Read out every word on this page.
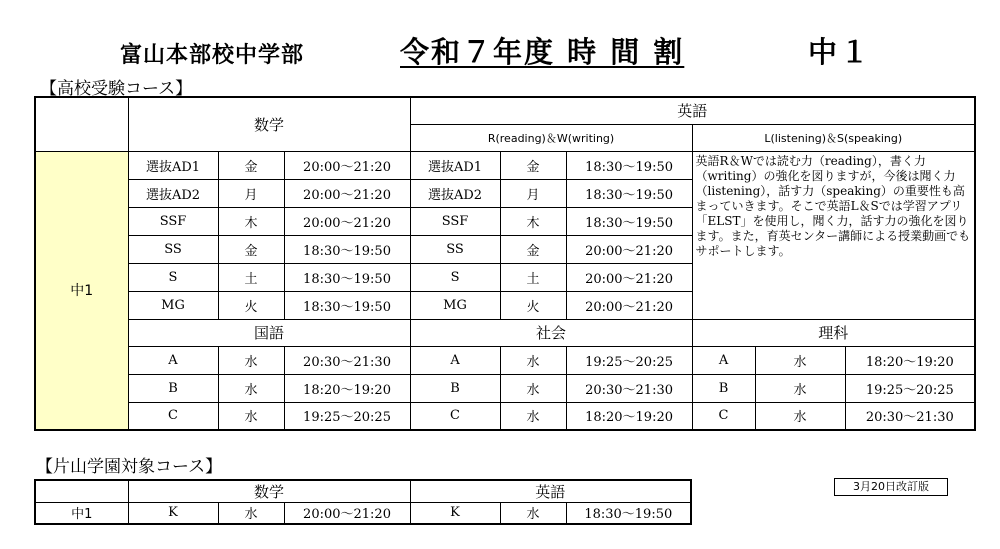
富山本部校中学部	令和７年度 時 間 割	中１
【高校受験コース】
	数学			英語					
				R(reading)＆W(writing)			L(listening)＆S(speaking)		
中1	選抜AD1	金	20:00～21:20	選抜AD1	金	18:30～19:50	英語R＆Wでは読む力（reading），書く力（writing）の強化を図りますが，今後は聞く力（listening），話す力（speaking）の重要性も高まっていきます。そこで英語L＆Sでは学習アプリ「ELST」を使用し，聞く力，話す力の強化を図ります。また，育英センター講師による授業動画でもサポートします。		
	選抜AD2	月	20:00～21:20	選抜AD2	月	18:30～19:50			
	SSF	木	20:00～21:20	SSF	木	18:30～19:50			
	SS	金	18:30～19:50	SS	金	20:00～21:20			
	S	土	18:30～19:50	S	土	20:00～21:20			
	MG	火	18:30～19:50	MG	火	20:00～21:20			
	国語			社会			理科		
	A	水	20:30～21:30	A	水	19:25～20:25	A	水	18:20～19:20
	B	水	18:20～19:20	B	水	20:30～21:30	B	水	19:25～20:25
	C	水	19:25～20:25	C	水	18:20～19:20	C	水	20:30～21:30
【片山学園対象コース】
	数学			英語		
中1	K	水	20:00～21:20	K	水	18:30～19:50
3月20日改訂版
